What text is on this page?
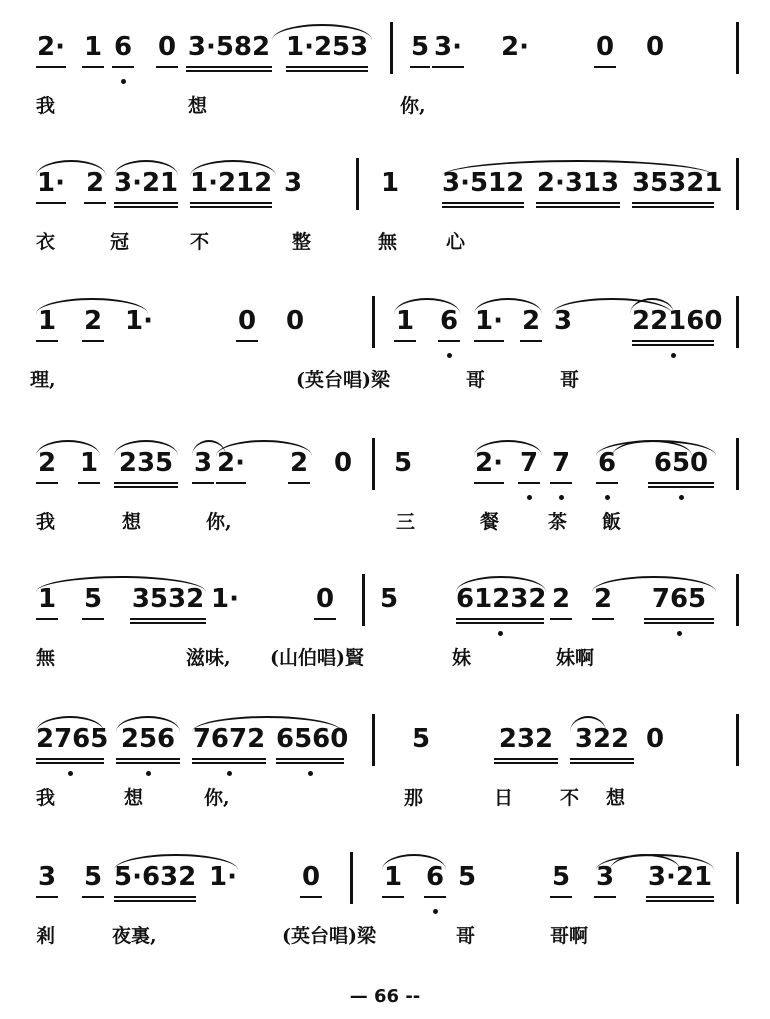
2· 1 6 0 3·582 1·253 5 3· 2·	0 0
我	想	你,
1· 2 3·21 1·212 3	1 3·512 2·313 35321
衣	冠	不	整	無	心
1 2 1·	0 0	1 6 1· 2 3 22160
理,	(英台唱)梁	哥	哥
2 1 235 3 2· 2 0 5 2· 7 7 6 650
我	想	你,	三	餐	茶 飯
1 5 3532 1·	0 5 61232 2 2	765
無	滋味, (山伯唱)賢	妹	妹啊
2765 256 7672 6560 5	232 322 0
我	想	你,	那	日 不 想
3 5 5·632 1· 0 1 6 5	5 3 3·21
剎	夜裏,	(英台唱)梁	哥	哥啊
— 66 --
